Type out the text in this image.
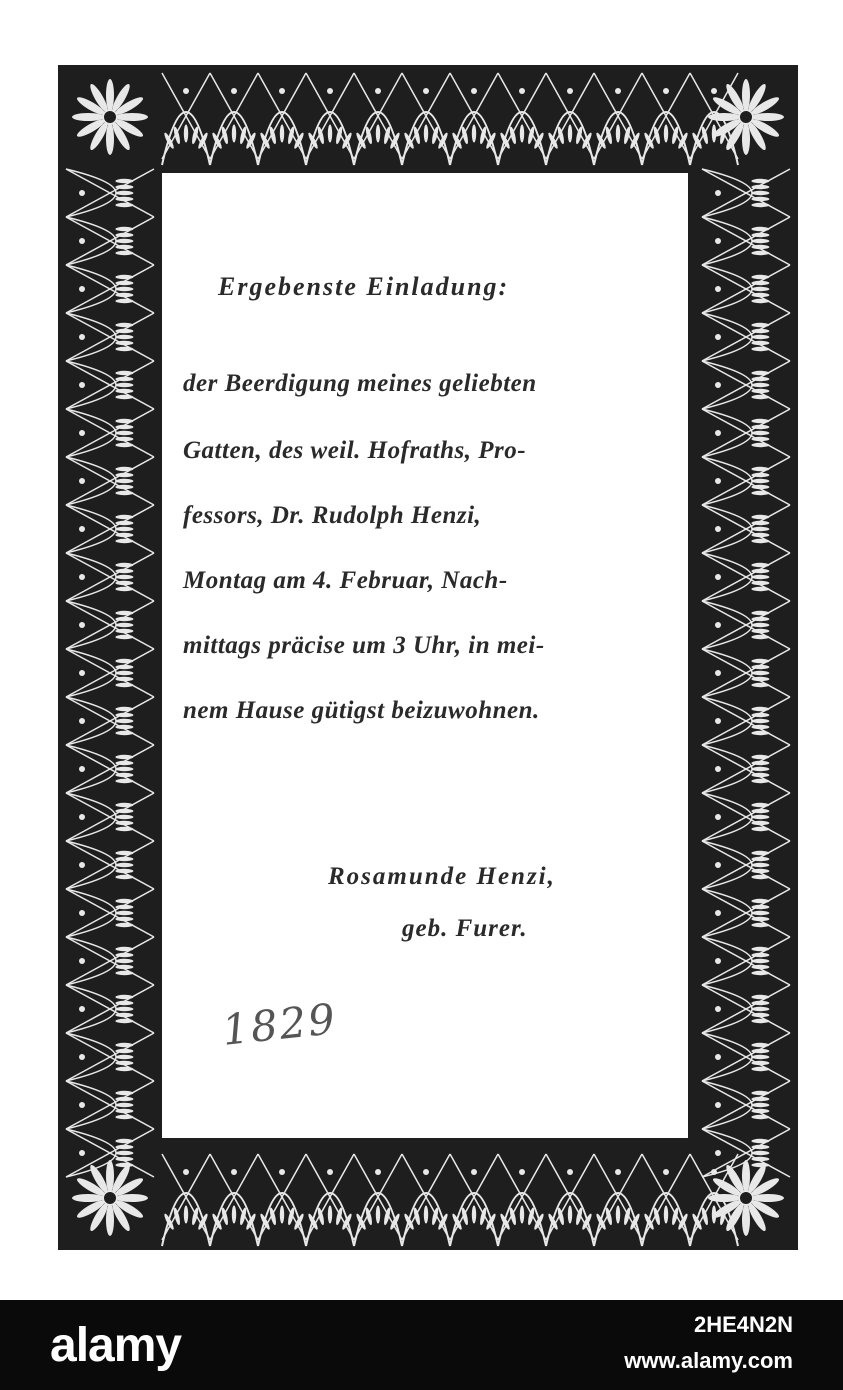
Ergebenste Einladung:
der Beerdigung meines geliebten
Gatten, des weil. Hofraths, Pro-
fessors, Dr. Rudolph Henzi,
Montag am 4. Februar, Nach-
mittags präcise um 3 Uhr, in mei-
nem Hause gütigst beizuwohnen.
Rosamunde Henzi,
geb. Furer.
1829
alamy	2HE4N2N
www.alamy.com
